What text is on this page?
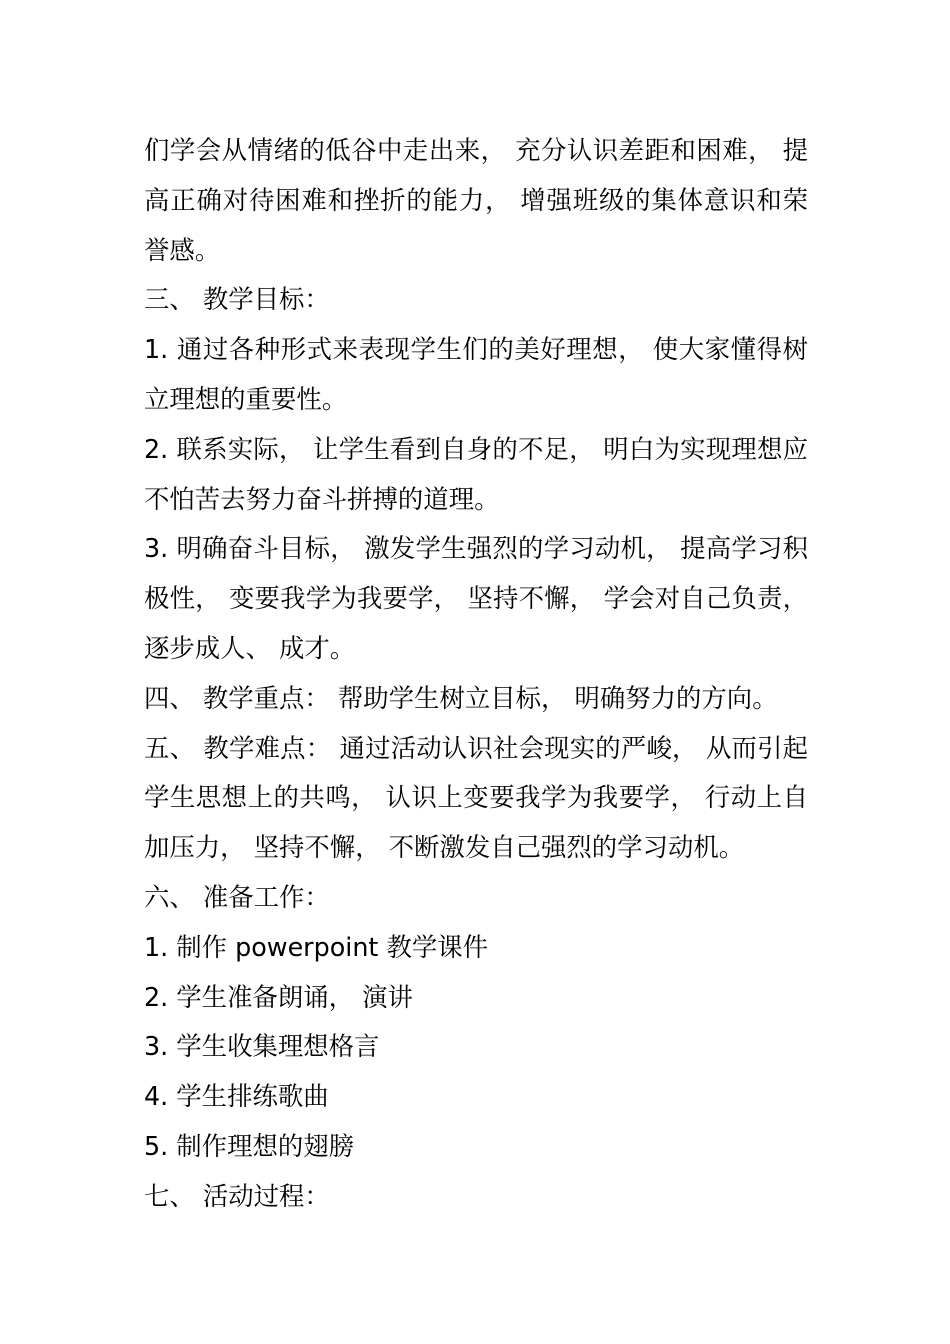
们学会从情绪的低谷中走出来， 充分认识差距和困难， 提高正确对待困难和挫折的能力， 增强班级的集体意识和荣誉感。

三、 教学目标：

1. 通过各种形式来表现学生们的美好理想， 使大家懂得树立理想的重要性。

2. 联系实际， 让学生看到自身的不足， 明白为实现理想应不怕苦去努力奋斗拼搏的道理。

3. 明确奋斗目标， 激发学生强烈的学习动机， 提高学习积极性， 变要我学为我要学， 坚持不懈， 学会对自己负责， 逐步成人、 成才。

四、 教学重点： 帮助学生树立目标， 明确努力的方向。

五、 教学难点： 通过活动认识社会现实的严峻， 从而引起学生思想上的共鸣， 认识上变要我学为我要学， 行动上自加压力， 坚持不懈， 不断激发自己强烈的学习动机。

六、 准备工作：

1. 制作 powerpoint 教学课件

2. 学生准备朗诵， 演讲

3. 学生收集理想格言

4. 学生排练歌曲

5. 制作理想的翅膀

七、 活动过程：
